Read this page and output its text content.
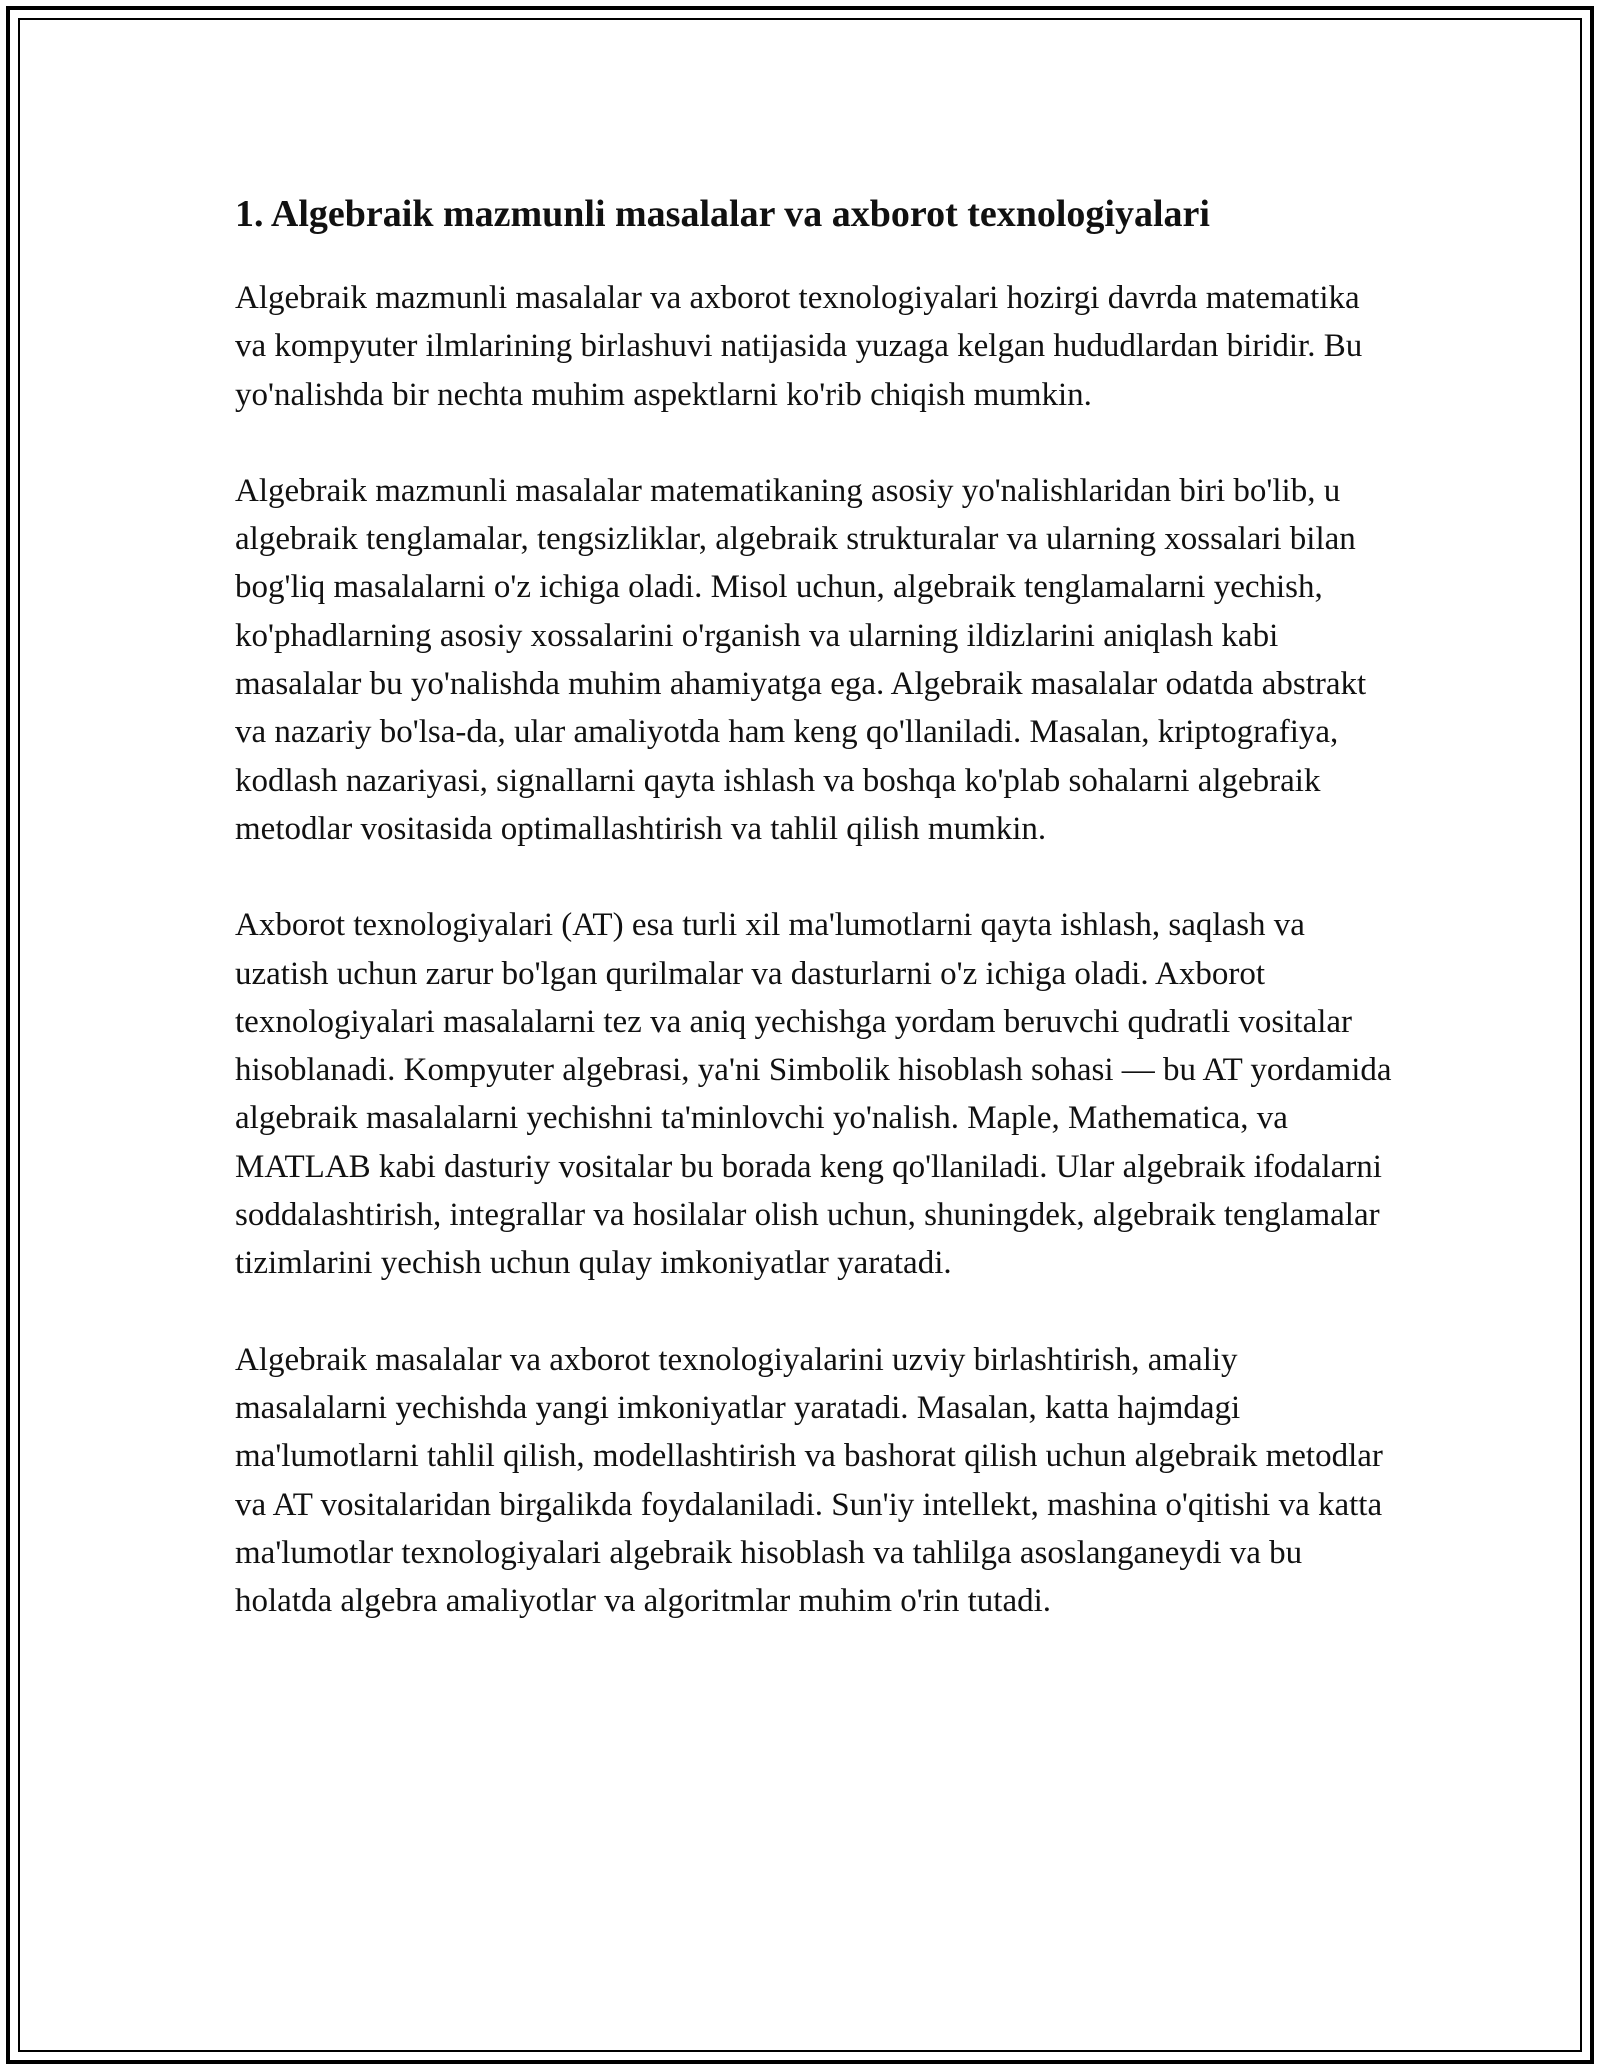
1. Algebraik mazmunli masalalar va axborot texnologiyalari

Algebraik mazmunli masalalar va axborot texnologiyalari hozirgi davrda matematika va kompyuter ilmlarining birlashuvi natijasida yuzaga kelgan hududlardan biridir. Bu yo'nalishda bir nechta muhim aspektlarni ko'rib chiqish mumkin.

Algebraik mazmunli masalalar matematikaning asosiy yo'nalishlaridan biri bo'lib, u algebraik tenglamalar, tengsizliklar, algebraik strukturalar va ularning xossalari bilan bog'liq masalalarni o'z ichiga oladi. Misol uchun, algebraik tenglamalarni yechish, ko'phadlarning asosiy xossalarini o'rganish va ularning ildizlarini aniqlash kabi masalalar bu yo'nalishda muhim ahamiyatga ega. Algebraik masalalar odatda abstrakt va nazariy bo'lsa-da, ular amaliyotda ham keng qo'llaniladi. Masalan, kriptografiya, kodlash nazariyasi, signallarni qayta ishlash va boshqa ko'plab sohalarni algebraik metodlar vositasida optimallashtirish va tahlil qilish mumkin.

Axborot texnologiyalari (AT) esa turli xil ma'lumotlarni qayta ishlash, saqlash va uzatish uchun zarur bo'lgan qurilmalar va dasturlarni o'z ichiga oladi. Axborot texnologiyalari masalalarni tez va aniq yechishga yordam beruvchi qudratli vositalar hisoblanadi. Kompyuter algebrasi, ya'ni Simbolik hisoblash sohasi — bu AT yordamida algebraik masalalarni yechishni ta'minlovchi yo'nalish. Maple, Mathematica, va MATLAB kabi dasturiy vositalar bu borada keng qo'llaniladi. Ular algebraik ifodalarni soddalashtirish, integrallar va hosilalar olish uchun, shuningdek, algebraik tenglamalar tizimlarini yechish uchun qulay imkoniyatlar yaratadi.

Algebraik masalalar va axborot texnologiyalarini uzviy birlashtirish, amaliy masalalarni yechishda yangi imkoniyatlar yaratadi. Masalan, katta hajmdagi ma'lumotlarni tahlil qilish, modellashtirish va bashorat qilish uchun algebraik metodlar va AT vositalaridan birgalikda foydalaniladi. Sun'iy intellekt, mashina o'qitishi va katta ma'lumotlar texnologiyalari algebraik hisoblash va tahlilga asoslanganeydi va bu holatda algebra amaliyotlar va algoritmlar muhim o'rin tutadi.
